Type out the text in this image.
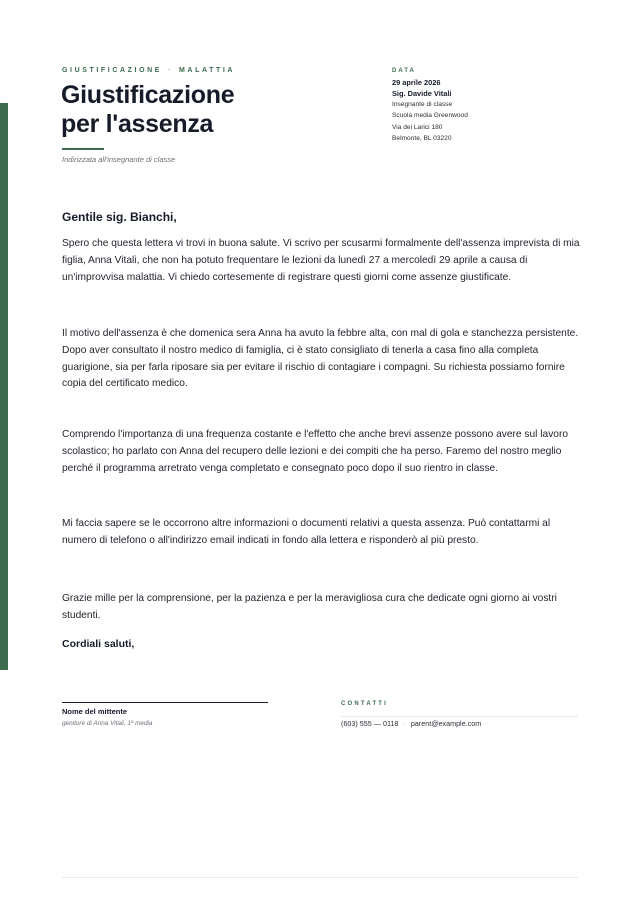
GIUSTIFICAZIONE · MALATTIA
Giustificazione
per l'assenza
Indirizzata all'insegnante di classe
DATA
29 aprile 2026
Sig. Davide Vitali
Insegnante di classe
Scuola media Greenwood
Via dei Larici 180
Belmonte, BL 03220
Gentile sig. Bianchi,

Spero che questa lettera vi trovi in buona salute. Vi scrivo per scusarmi formalmente dell'assenza imprevista di mia figlia, Anna Vitali, che non ha potuto frequentare le lezioni da lunedì 27 a mercoledì 29 aprile a causa di un'improvvisa malattia. Vi chiedo cortesemente di registrare questi giorni come assenze giustificate.

Il motivo dell'assenza è che domenica sera Anna ha avuto la febbre alta, con mal di gola e stanchezza persistente. Dopo aver consultato il nostro medico di famiglia, ci è stato consigliato di tenerla a casa fino alla completa guarigione, sia per farla riposare sia per evitare il rischio di contagiare i compagni. Su richiesta possiamo fornire copia del certificato medico.

Comprendo l'importanza di una frequenza costante e l'effetto che anche brevi assenze possono avere sul lavoro scolastico; ho parlato con Anna del recupero delle lezioni e dei compiti che ha perso. Faremo del nostro meglio perché il programma arretrato venga completato e consegnato poco dopo il suo rientro in classe.

Mi faccia sapere se le occorrono altre informazioni o documenti relativi a questa assenza. Può contattarmi al numero di telefono o all'indirizzo email indicati in fondo alla lettera e risponderò al più presto.

Grazie mille per la comprensione, per la pazienza e per la meravigliosa cura che dedicate ogni giorno ai vostri studenti.

Cordiali saluti,
Nome del mittente
genitore di Anna Vitali, 1ª media
CONTATTI
(603) 555 — 0118 · parent@example.com
